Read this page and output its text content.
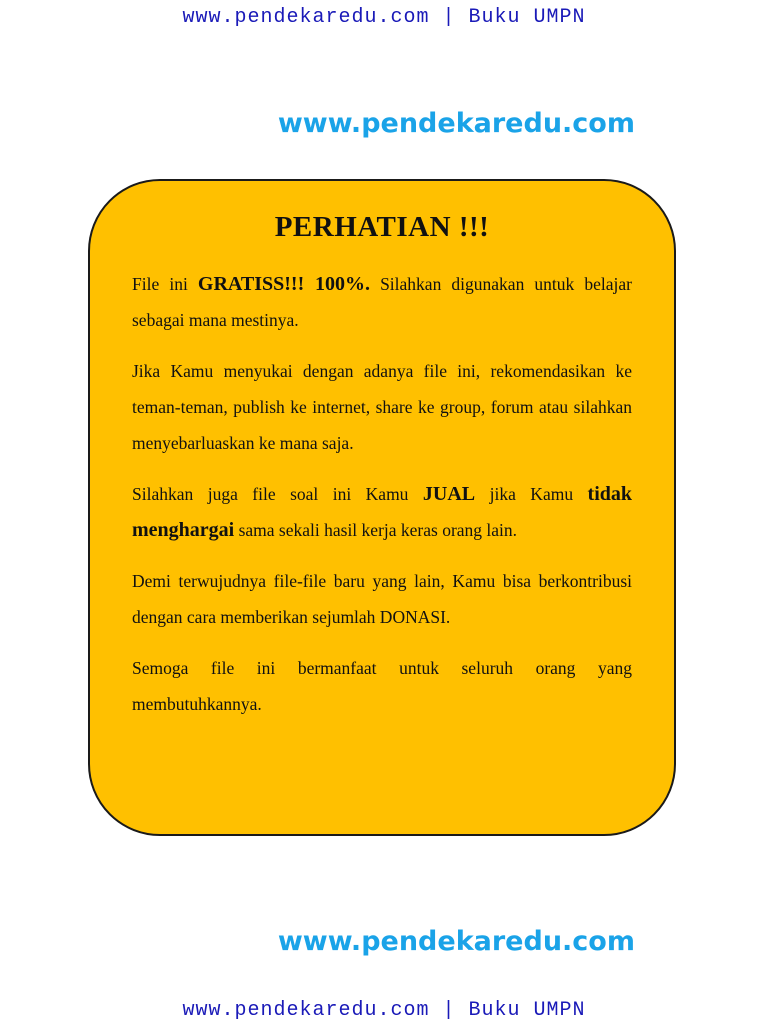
www.pendekaredu.com | Buku UMPN
www.pendekaredu.com
PERHATIAN !!!

File ini GRATISS!!! 100%. Silahkan digunakan untuk belajar sebagai mana mestinya.

Jika Kamu menyukai dengan adanya file ini, rekomendasikan ke teman-teman, publish ke internet, share ke group, forum atau silahkan menyebarluaskan ke mana saja.

Silahkan juga file soal ini Kamu JUAL jika Kamu tidak menghargai sama sekali hasil kerja keras orang lain.

Demi terwujudnya file-file baru yang lain, Kamu bisa berkontribusi dengan cara memberikan sejumlah DONASI.

Semoga file ini bermanfaat untuk seluruh orang yang membutuhkannya.

www.pendekaredu.com
www.pendekaredu.com | Buku UMPN
